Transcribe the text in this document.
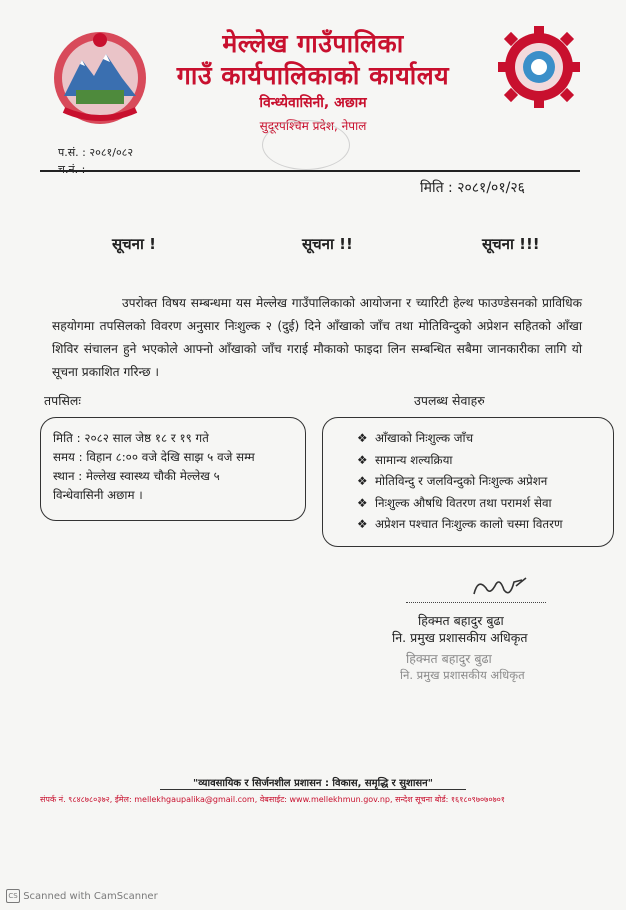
मेल्लेख गाउँपालिका
गाउँ कार्यपालिकाको कार्यालय
विन्ध्येवासिनी, अछाम
सुदूरपश्चिम प्रदेश, नेपाल
प.सं. : २०८१/०८२
मिति : २०८१/०१/२६
सूचना !	सूचना !!	सूचना !!!
उपरोक्त विषय सम्बन्धमा यस मेल्लेख गाउँपालिकाको आयोजना र च्यारिटी हेल्थ फाउण्डेसनको प्राविधिक सहयोगमा तपसिलको विवरण अनुसार निःशुल्क २ (दुई) दिने आँखाको जाँच तथा मोतिविन्दुको अप्रेशन सहितको आँखा शिविर संचालन हुने भएकोले आफ्नो आँखाको जाँच गराई मौकाको फाइदा लिन सम्बन्धित सबैमा जानकारीका लागि यो सूचना प्रकाशित गरिन्छ ।
तपसिलः	उपलब्ध सेवाहरु
मिति : २०८२ साल जेष्ठ १८ र १९ गते
समय : विहान ८:०० वजे देखि साझ ५ वजे सम्म
स्थान : मेल्लेख स्वास्थ्य चौकी मेल्लेख ५
विन्धेवासिनी अछाम ।
❖ आँखाको निःशुल्क जाँच
❖ सामान्य शल्यक्रिया
❖ मोतिविन्दु र जलविन्दुको निःशुल्क अप्रेशन
❖ निःशुल्क औषधि वितरण तथा परामर्श सेवा
❖ अप्रेशन पश्चात निःशुल्क कालो चस्मा वितरण
हिक्मत बहादुर बुढा
नि. प्रमुख प्रशासकीय अधिकृत
हिक्मत बहादुर बुढा
नि. प्रमुख प्रशासकीय अधिकृत
"व्यावसायिक र सिर्जनशील प्रशासन : विकास, समृद्धि र सुशासन"
संपर्क नं. ९८४८७८०३७२, ईमेल: mellekhgaupalika@gmail.com, वेबसाईट: www.mellekhmun.gov.np, सन्देश सूचना बोर्ड: १६१८०९७०७०७०१
CS Scanned with CamScanner
